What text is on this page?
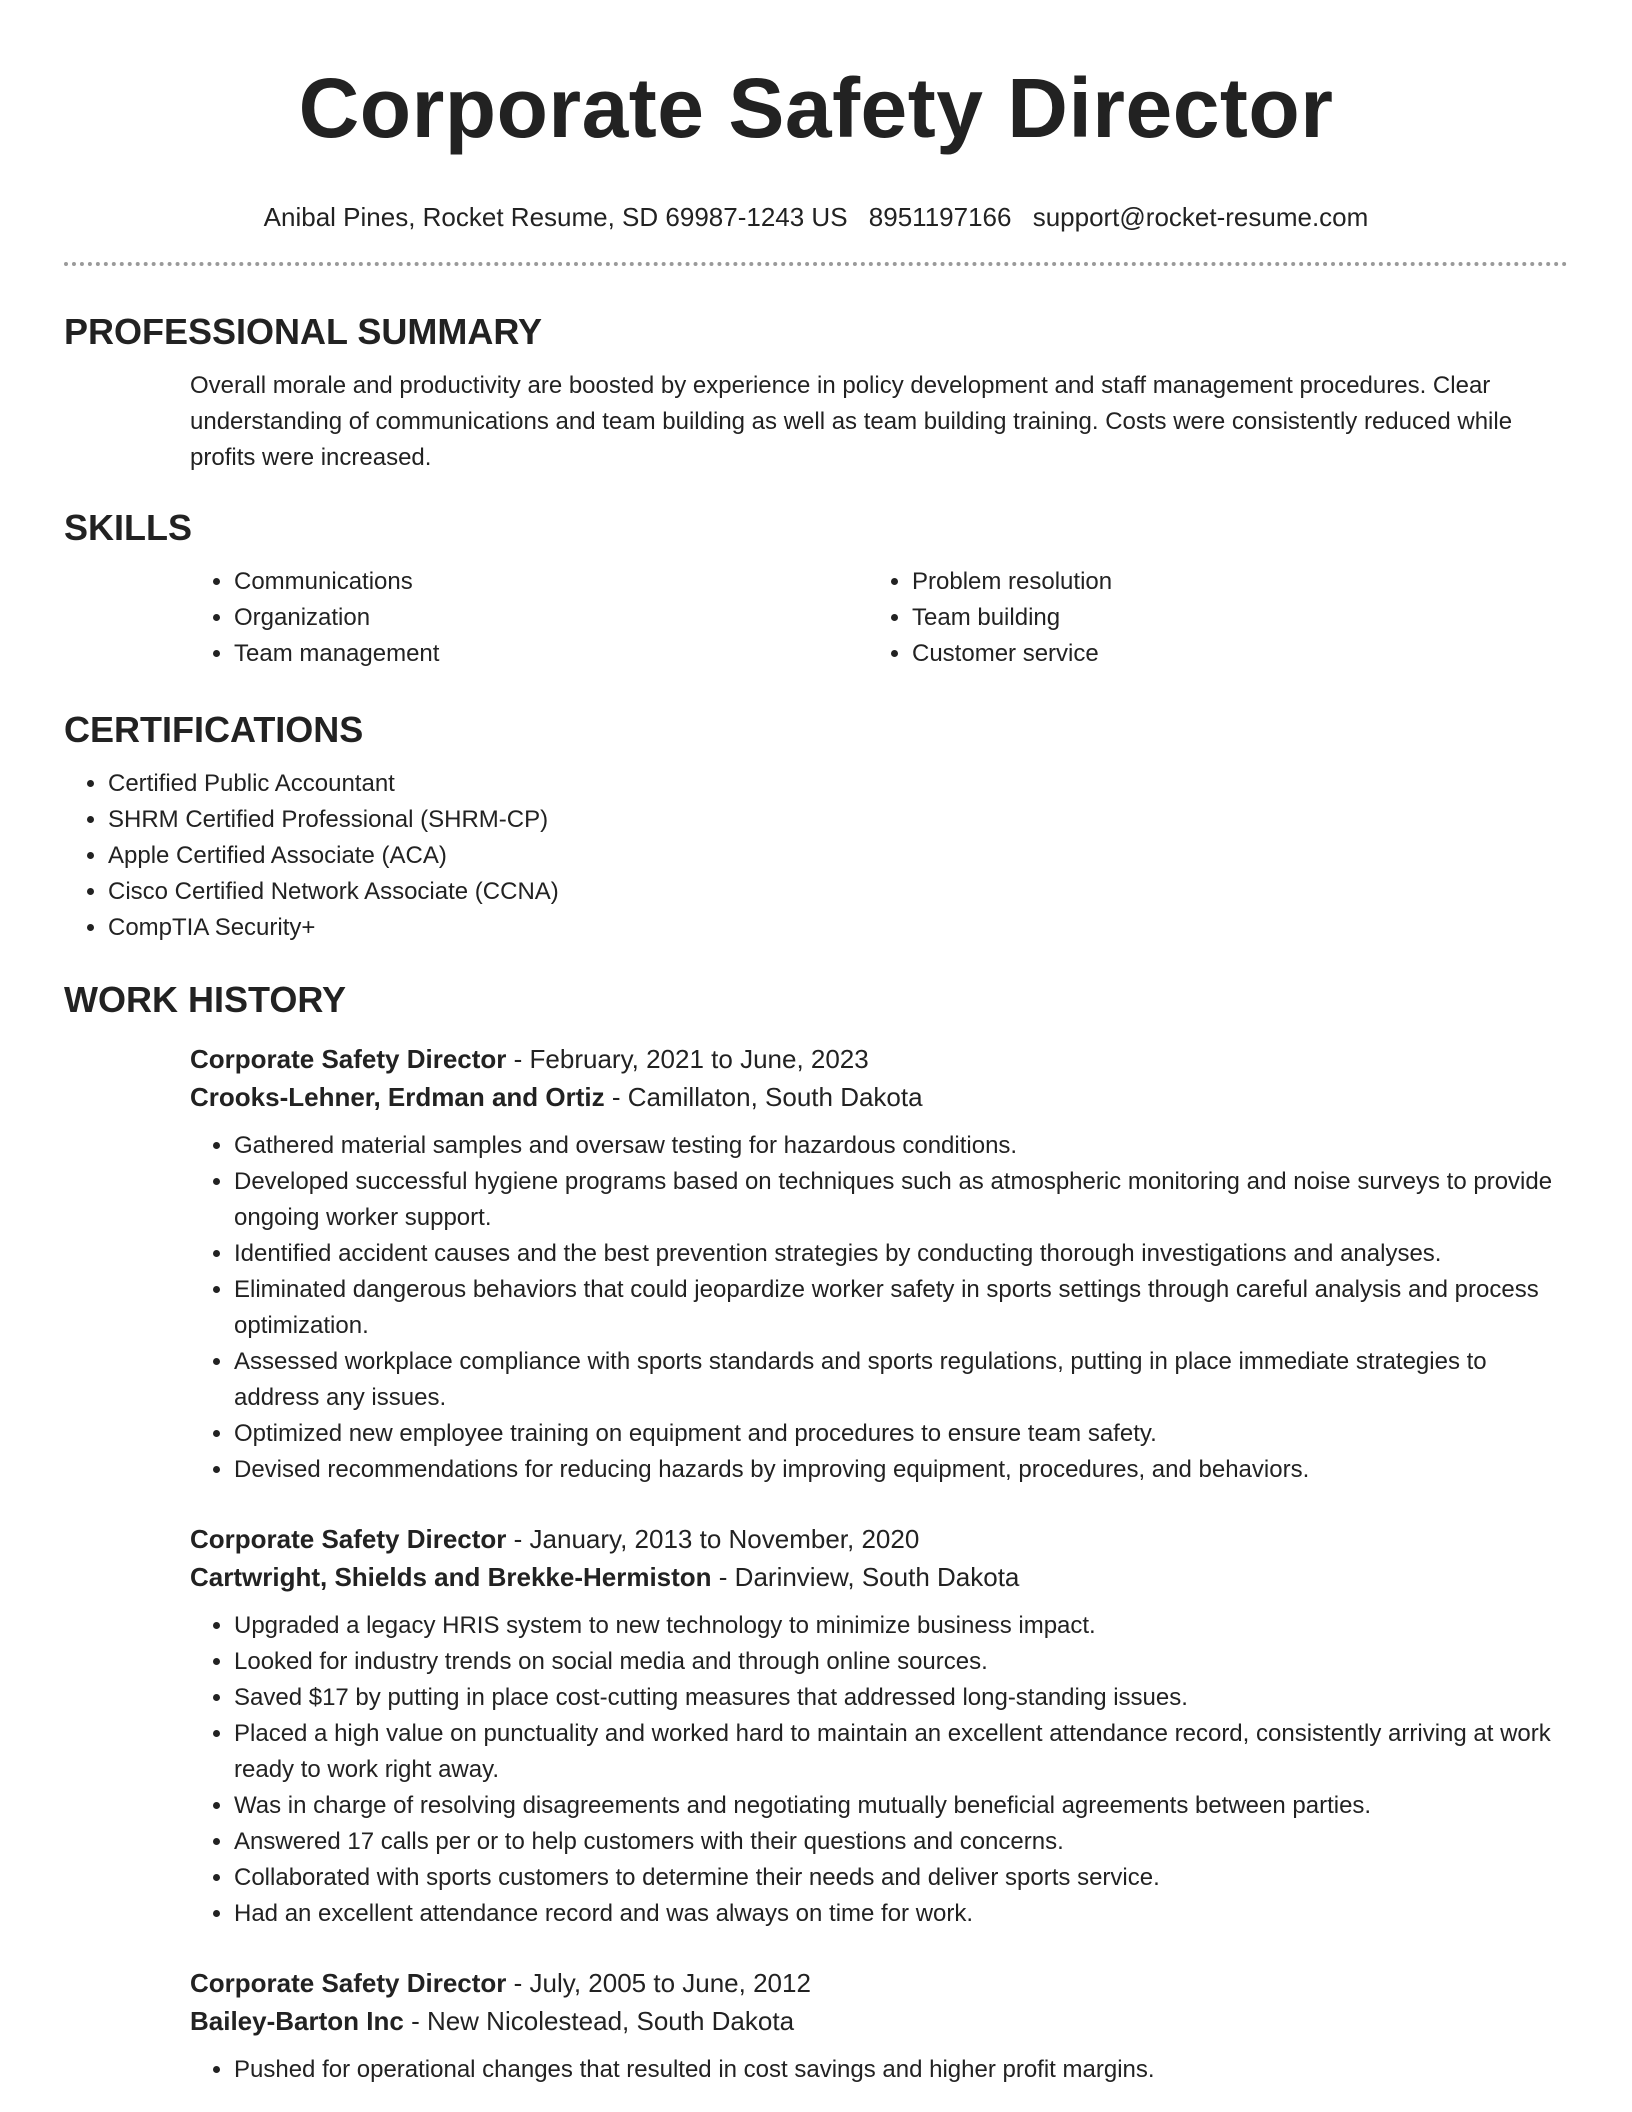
Corporate Safety Director
Anibal Pines, Rocket Resume, SD 69987-1243 US 8951197166 support@rocket-resume.com
PROFESSIONAL SUMMARY

Overall morale and productivity are boosted by experience in policy development and staff management procedures. Clear understanding of communications and team building as well as team building training. Costs were consistently reduced while profits were increased.

SKILLS
• Communications
• Organization
• Team management
• Problem resolution
• Team building
• Customer service
CERTIFICATIONS
• Certified Public Accountant
• SHRM Certified Professional (SHRM-CP)
• Apple Certified Associate (ACA)
• Cisco Certified Network Associate (CCNA)
• CompTIA Security+
WORK HISTORY
Corporate Safety Director - February, 2021 to June, 2023
Crooks-Lehner, Erdman and Ortiz - Camillaton, South Dakota
• Gathered material samples and oversaw testing for hazardous conditions.
• Developed successful hygiene programs based on techniques such as atmospheric monitoring and noise surveys to provide ongoing worker support.
• Identified accident causes and the best prevention strategies by conducting thorough investigations and analyses.
• Eliminated dangerous behaviors that could jeopardize worker safety in sports settings through careful analysis and process optimization.
• Assessed workplace compliance with sports standards and sports regulations, putting in place immediate strategies to address any issues.
• Optimized new employee training on equipment and procedures to ensure team safety.
• Devised recommendations for reducing hazards by improving equipment, procedures, and behaviors.
Corporate Safety Director - January, 2013 to November, 2020
Cartwright, Shields and Brekke-Hermiston - Darinview, South Dakota
• Upgraded a legacy HRIS system to new technology to minimize business impact.
• Looked for industry trends on social media and through online sources.
• Saved $17 by putting in place cost-cutting measures that addressed long-standing issues.
• Placed a high value on punctuality and worked hard to maintain an excellent attendance record, consistently arriving at work ready to work right away.
• Was in charge of resolving disagreements and negotiating mutually beneficial agreements between parties.
• Answered 17 calls per or to help customers with their questions and concerns.
• Collaborated with sports customers to determine their needs and deliver sports service.
• Had an excellent attendance record and was always on time for work.
Corporate Safety Director - July, 2005 to June, 2012
Bailey-Barton Inc - New Nicolestead, South Dakota
• Pushed for operational changes that resulted in cost savings and higher profit margins.
